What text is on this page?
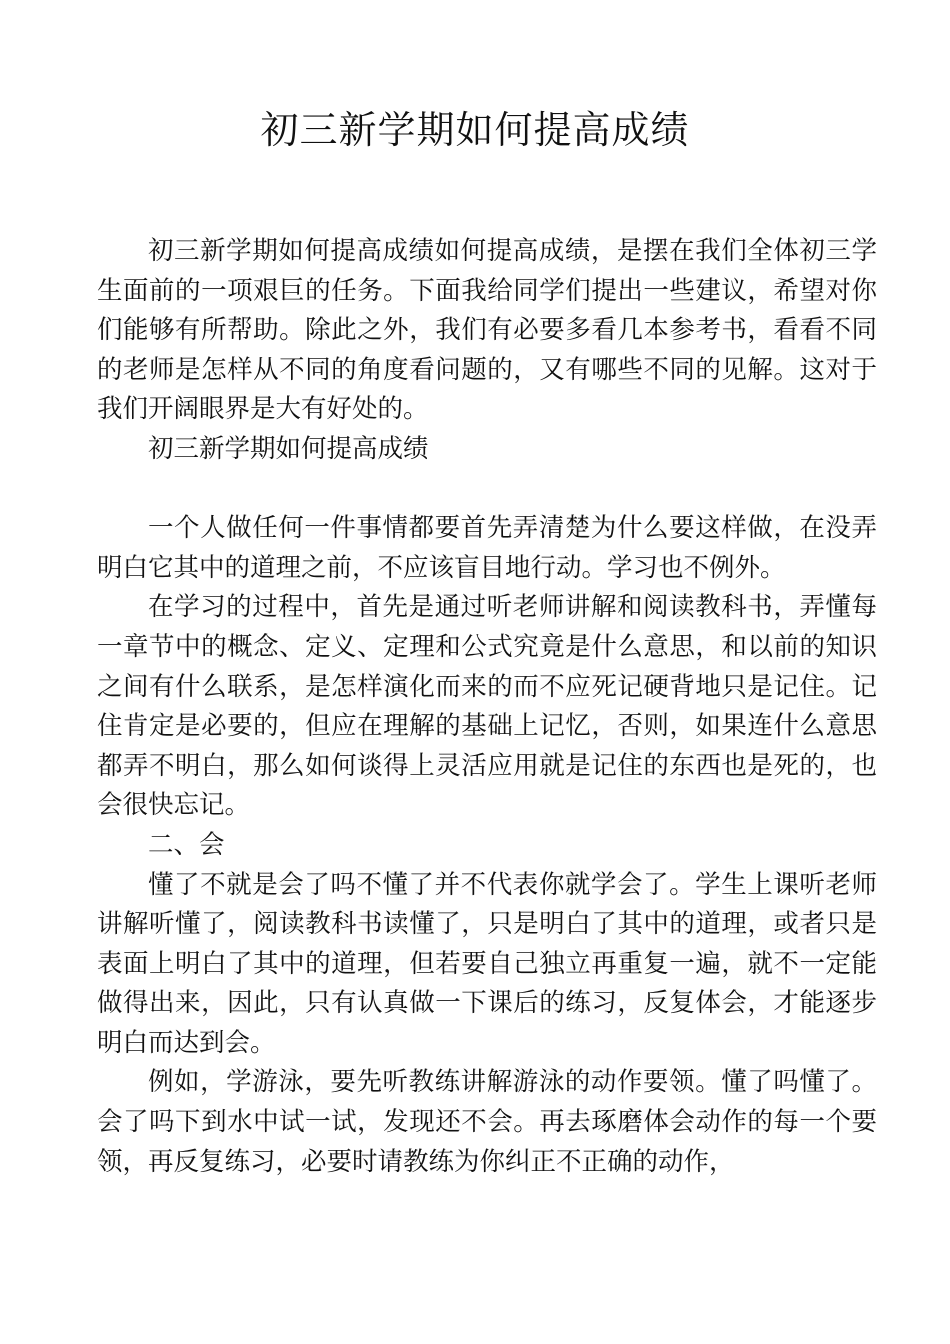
初三新学期如何提高成绩

初三新学期如何提高成绩如何提高成绩，是摆在我们全体初三学生面前的一项艰巨的任务。下面我给同学们提出一些建议，希望对你们能够有所帮助。除此之外，我们有必要多看几本参考书，看看不同的老师是怎样从不同的角度看问题的，又有哪些不同的见解。这对于我们开阔眼界是大有好处的。

初三新学期如何提高成绩

一个人做任何一件事情都要首先弄清楚为什么要这样做，在没弄明白它其中的道理之前，不应该盲目地行动。学习也不例外。

在学习的过程中，首先是通过听老师讲解和阅读教科书，弄懂每一章节中的概念、定义、定理和公式究竟是什么意思，和以前的知识之间有什么联系，是怎样演化而来的而不应死记硬背地只是记住。记住肯定是必要的，但应在理解的基础上记忆，否则，如果连什么意思都弄不明白，那么如何谈得上灵活应用就是记住的东西也是死的，也会很快忘记。

二、会

懂了不就是会了吗不懂了并不代表你就学会了。学生上课听老师讲解听懂了，阅读教科书读懂了，只是明白了其中的道理，或者只是表面上明白了其中的道理，但若要自己独立再重复一遍，就不一定能做得出来，因此，只有认真做一下课后的练习，反复体会，才能逐步明白而达到会。

例如，学游泳，要先听教练讲解游泳的动作要领。懂了吗懂了。会了吗下到水中试一试，发现还不会。再去琢磨体会动作的每一个要领，再反复练习，必要时请教练为你纠正不正确的动作，
